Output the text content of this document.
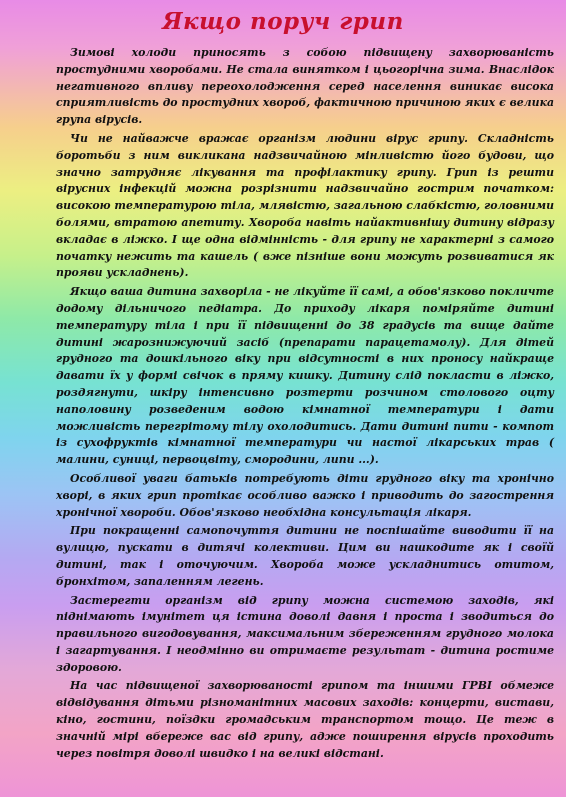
Якщо поруч грип

Зимові холоди приносять з собою підвищену захворюваність простудними хворобами. Не стала винятком і цьогорічна зима. Внаслідок негативного впливу переохолодження серед населення виникає висока сприятливість до простудних хвороб, фактичною причиною яких є велика група вірусів.

Чи не найважче вражає організм людини вірус грипу. Складність боротьби з ним викликана надзвичайною мінливістю його будови, що значно затрудняє лікування та профілактику грипу. Грип із решти вірусних інфекцій можна розрізнити надзвичайно гострим початком: високою температурою тіла, млявістю, загальною слабкістю, головними болями, втратою апетиту. Хвороба навіть найактивнішу дитину відразу вкладає в ліжко. І ще одна відмінність - для грипу не характерні з самого початку нежить та кашель ( вже пізніше вони можуть розвиватися як прояви ускладнень).

Якщо ваша дитина захворіла - не лікуйте її самі, а обов'язково покличте додому дільничого педіатра. До приходу лікаря поміряйте дитині температуру тіла і при її підвищенні до 38 градусів та вище дайте дитині жарознижуючий засіб (препарати парацетамолу). Для дітей грудного та дошкільного віку при відсутності в них проносу найкраще давати їх у формі свічок в пряму кишку. Дитину слід покласти в ліжко, роздягнути, шкіру інтенсивно розтерти розчином столового оцту наполовину розведеним водою кімнатної температури і дати можливість перегрітому тілу охолодитись. Дати дитині пити - компот із сухофруктів кімнатної температури чи настої лікарських трав ( малини, суниці, первоцвіту, смородини, липи ...).

Особливої уваги батьків потребують діти грудного віку та хронічно хворі, в яких грип протікає особливо важко і приводить до загострення хронічної хвороби. Обов'язково необхідна консультація лікаря.

При покращенні самопочуття дитини не поспішайте виводити її на вулицю, пускати в дитячі колективи. Цим ви нашкодите як і своїй дитині, так і оточуючим. Хвороба може ускладнитись отитом, бронхітом, запаленням легень.

Застерегти організм від грипу можна системою заходів, які піднімають імунітет ця істина доволі давня і проста і зводиться до правильного вигодовування, максимальним збереженням грудного молока і загартування. І неодмінно ви отримаєте результат - дитина ростиме здоровою.

На час підвищеної захворюваності грипом та іншими ГРВІ обмеже відвідування дітьми різноманітних масових заходів: концерти, вистави, кіно, гостини, поїздки громадським транспортом тощо. Це теж в значній мірі вбереже вас від грипу, адже поширення вірусів проходить через повітря доволі швидко і на великі відстані.
